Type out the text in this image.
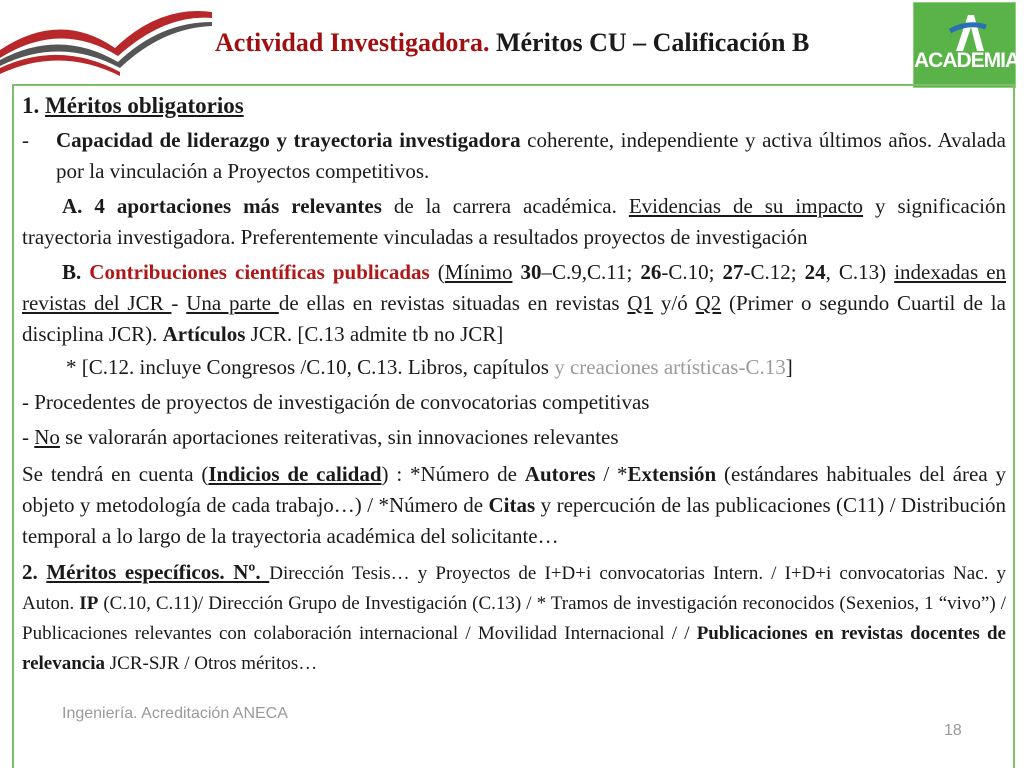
Actividad Investigadora. Méritos CU – Calificación B
ACADEMIA

1. Méritos obligatorios

-	Capacidad de liderazgo y trayectoria investigadora coherente, independiente y activa últimos años. Avalada por la vinculación a Proyectos competitivos.

A. 4 aportaciones más relevantes de la carrera académica. Evidencias de su impacto y significación trayectoria investigadora. Preferentemente vinculadas a resultados proyectos de investigación

B. Contribuciones científicas publicadas (Mínimo 30–C.9,C.11; 26-C.10; 27-C.12; 24, C.13) indexadas en revistas del JCR - Una parte de ellas en revistas situadas en revistas Q1 y/ó Q2 (Primer o segundo Cuartil de la disciplina JCR). Artículos JCR. [C.13 admite tb no JCR]

* [C.12. incluye Congresos /C.10, C.13. Libros, capítulos y creaciones artísticas-C.13]

- Procedentes de proyectos de investigación de convocatorias competitivas

- No se valorarán aportaciones reiterativas, sin innovaciones relevantes

Se tendrá en cuenta (Indicios de calidad) : *Número de Autores / *Extensión (estándares habituales del área y objeto y metodología de cada trabajo…) / *Número de Citas y repercución de las publicaciones (C11) / Distribución temporal a lo largo de la trayectoria académica del solicitante…

2. Méritos específicos. Nº. Dirección Tesis… y Proyectos de I+D+i convocatorias Intern. / I+D+i convocatorias Nac. y Auton. IP (C.10, C.11)/ Dirección Grupo de Investigación (C.13) / * Tramos de investigación reconocidos (Sexenios, 1 “vivo”) / Publicaciones relevantes con colaboración internacional / Movilidad Internacional / / Publicaciones en revistas docentes de relevancia JCR-SJR / Otros méritos…

Ingeniería. Acreditación ANECA
18
